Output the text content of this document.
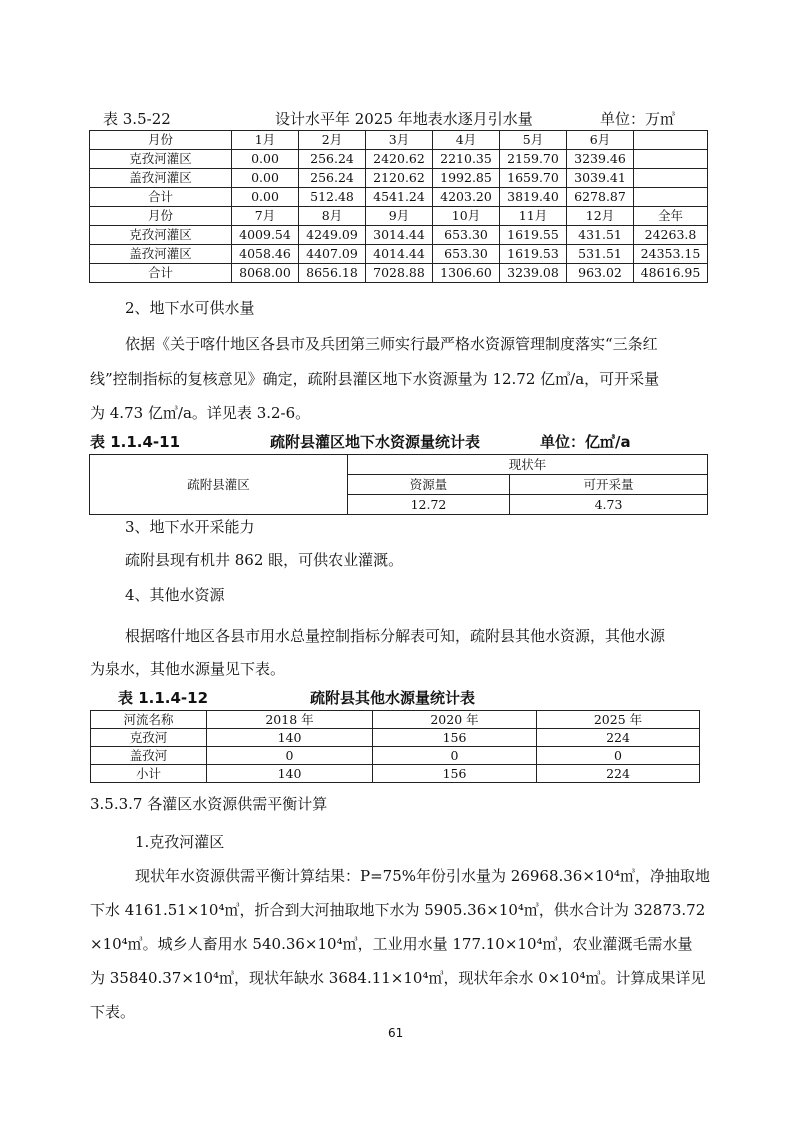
表 3.5-22	设计水平年 2025 年地表水逐月引水量	单位：万㎥
月份	1月	2月	3月	4月	5月	6月	
克孜河灌区	0.00	256.24	2420.62	2210.35	2159.70	3239.46	
盖孜河灌区	0.00	256.24	2120.62	1992.85	1659.70	3039.41	
合计	0.00	512.48	4541.24	4203.20	3819.40	6278.87	
月份	7月	8月	9月	10月	11月	12月	全年
克孜河灌区	4009.54	4249.09	3014.44	653.30	1619.55	431.51	24263.8
盖孜河灌区	4058.46	4407.09	4014.44	653.30	1619.53	531.51	24353.15
合计	8068.00	8656.18	7028.88	1306.60	3239.08	963.02	48616.95
2、地下水可供水量
依据《关于喀什地区各县市及兵团第三师实行最严格水资源管理制度落实“三条红
线”控制指标的复核意见》确定，疏附县灌区地下水资源量为 12.72 亿㎥/a，可开采量
为 4.73 亿㎥/a。详见表 3.2-6。
表 1.1.4-11	疏附县灌区地下水资源量统计表	单位：亿㎥/a
疏附县灌区	现状年	
	资源量	可开采量
	12.72	4.73
3、地下水开采能力
疏附县现有机井 862 眼，可供农业灌溉。
4、其他水资源
根据喀什地区各县市用水总量控制指标分解表可知，疏附县其他水资源，其他水源
为泉水，其他水源量见下表。
表 1.1.4-12	疏附县其他水源量统计表
河流名称	2018 年	2020 年	2025 年
克孜河	140	156	224
盖孜河	0	0	0
小计	140	156	224
3.5.3.7 各灌区水资源供需平衡计算
1.克孜河灌区
现状年水资源供需平衡计算结果：P=75%年份引水量为 26968.36×10⁴㎥，净抽取地
下水 4161.51×10⁴㎥，折合到大河抽取地下水为 5905.36×10⁴㎥，供水合计为 32873.72
×10⁴㎥。城乡人畜用水 540.36×10⁴㎥，工业用水量 177.10×10⁴㎥，农业灌溉毛需水量
为 35840.37×10⁴㎥，现状年缺水 3684.11×10⁴㎥，现状年余水 0×10⁴㎥。计算成果详见
下表。
61
